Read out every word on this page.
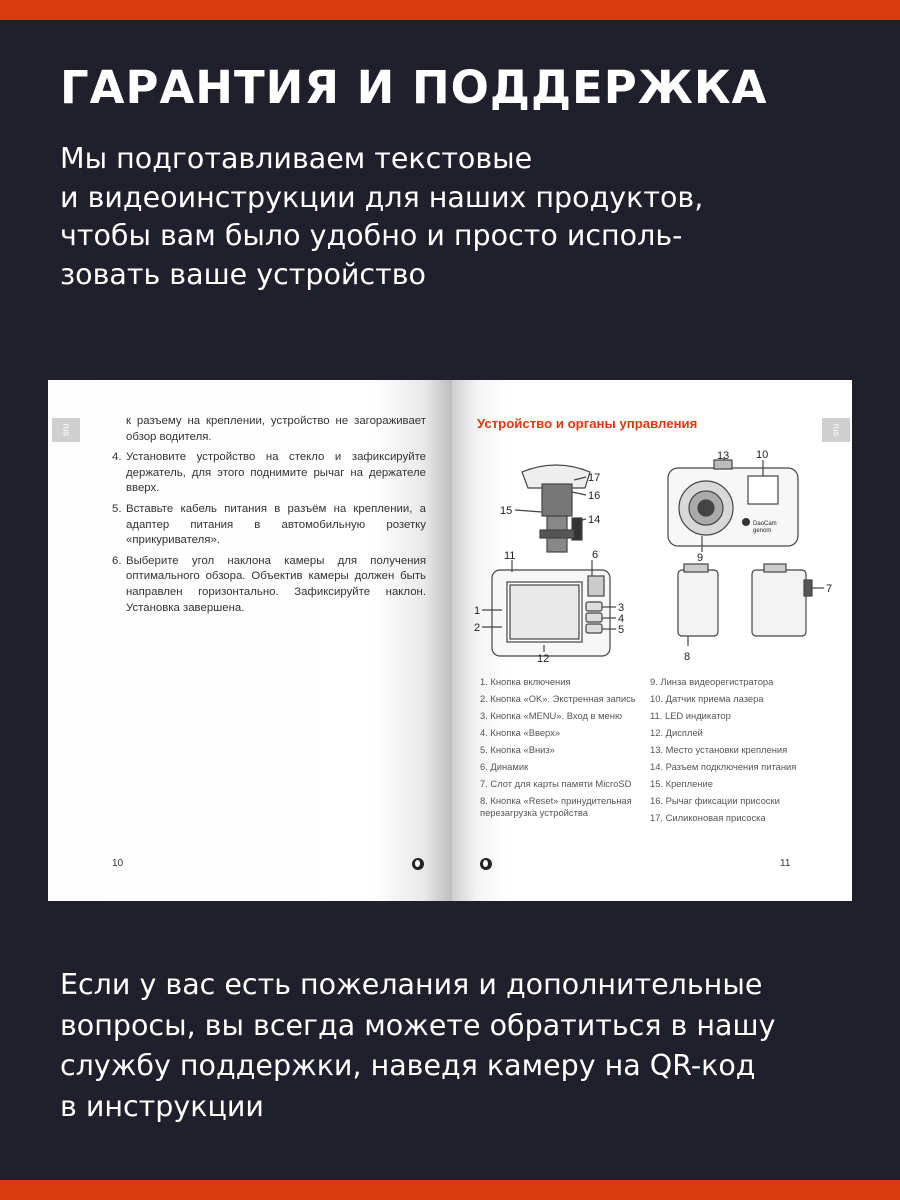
ГАРАНТИЯ И ПОДДЕРЖКА
Мы подготавливаем текстовые
и видеоинструкции для наших продуктов,
чтобы вам было удобно и просто исполь-
зовать ваше устройство
rus

к разъему на креплении, устройство не загораживает обзор водителя.

4. Установите устройство на стекло и зафиксируйте держатель, для этого поднимите рычаг на держателе вверх.

5. Вставьте кабель питания в разъём на креплении, а адаптер питания в автомобильную розетку «прикуривателя».

6. Выберите угол наклона камеры для получения оптимального обзора. Объектив камеры должен быть направлен горизонтально. Зафиксируйте наклон. Установка завершена.

10
rus
Устройство и органы управления
17
16
14
15
11	6
1
2
3
4
5
12
DaoCam
genom
13 10
9
7
8
1. Кнопка включения
2. Кнопка «OK». Экстренная запись
3. Кнопка «MENU». Вход в меню
4. Кнопка «Вверх»
5. Кнопка «Вниз»
6. Динамик
7. Слот для карты памяти MicroSD
8. Кнопка «Reset» принудительная перезагрузка устройства
9. Линза видеорегистратора
10. Датчик приема лазера
11. LED индикатор
12. Дисплей
13. Место установки крепления
14. Разъем подключения питания
15. Крепление
16. Рычаг фиксации присоски
17. Силиконовая присоска
11
Если у вас есть пожелания и дополнительные
вопросы, вы всегда можете обратиться в нашу
службу поддержки, наведя камеру на QR-код
в инструкции
